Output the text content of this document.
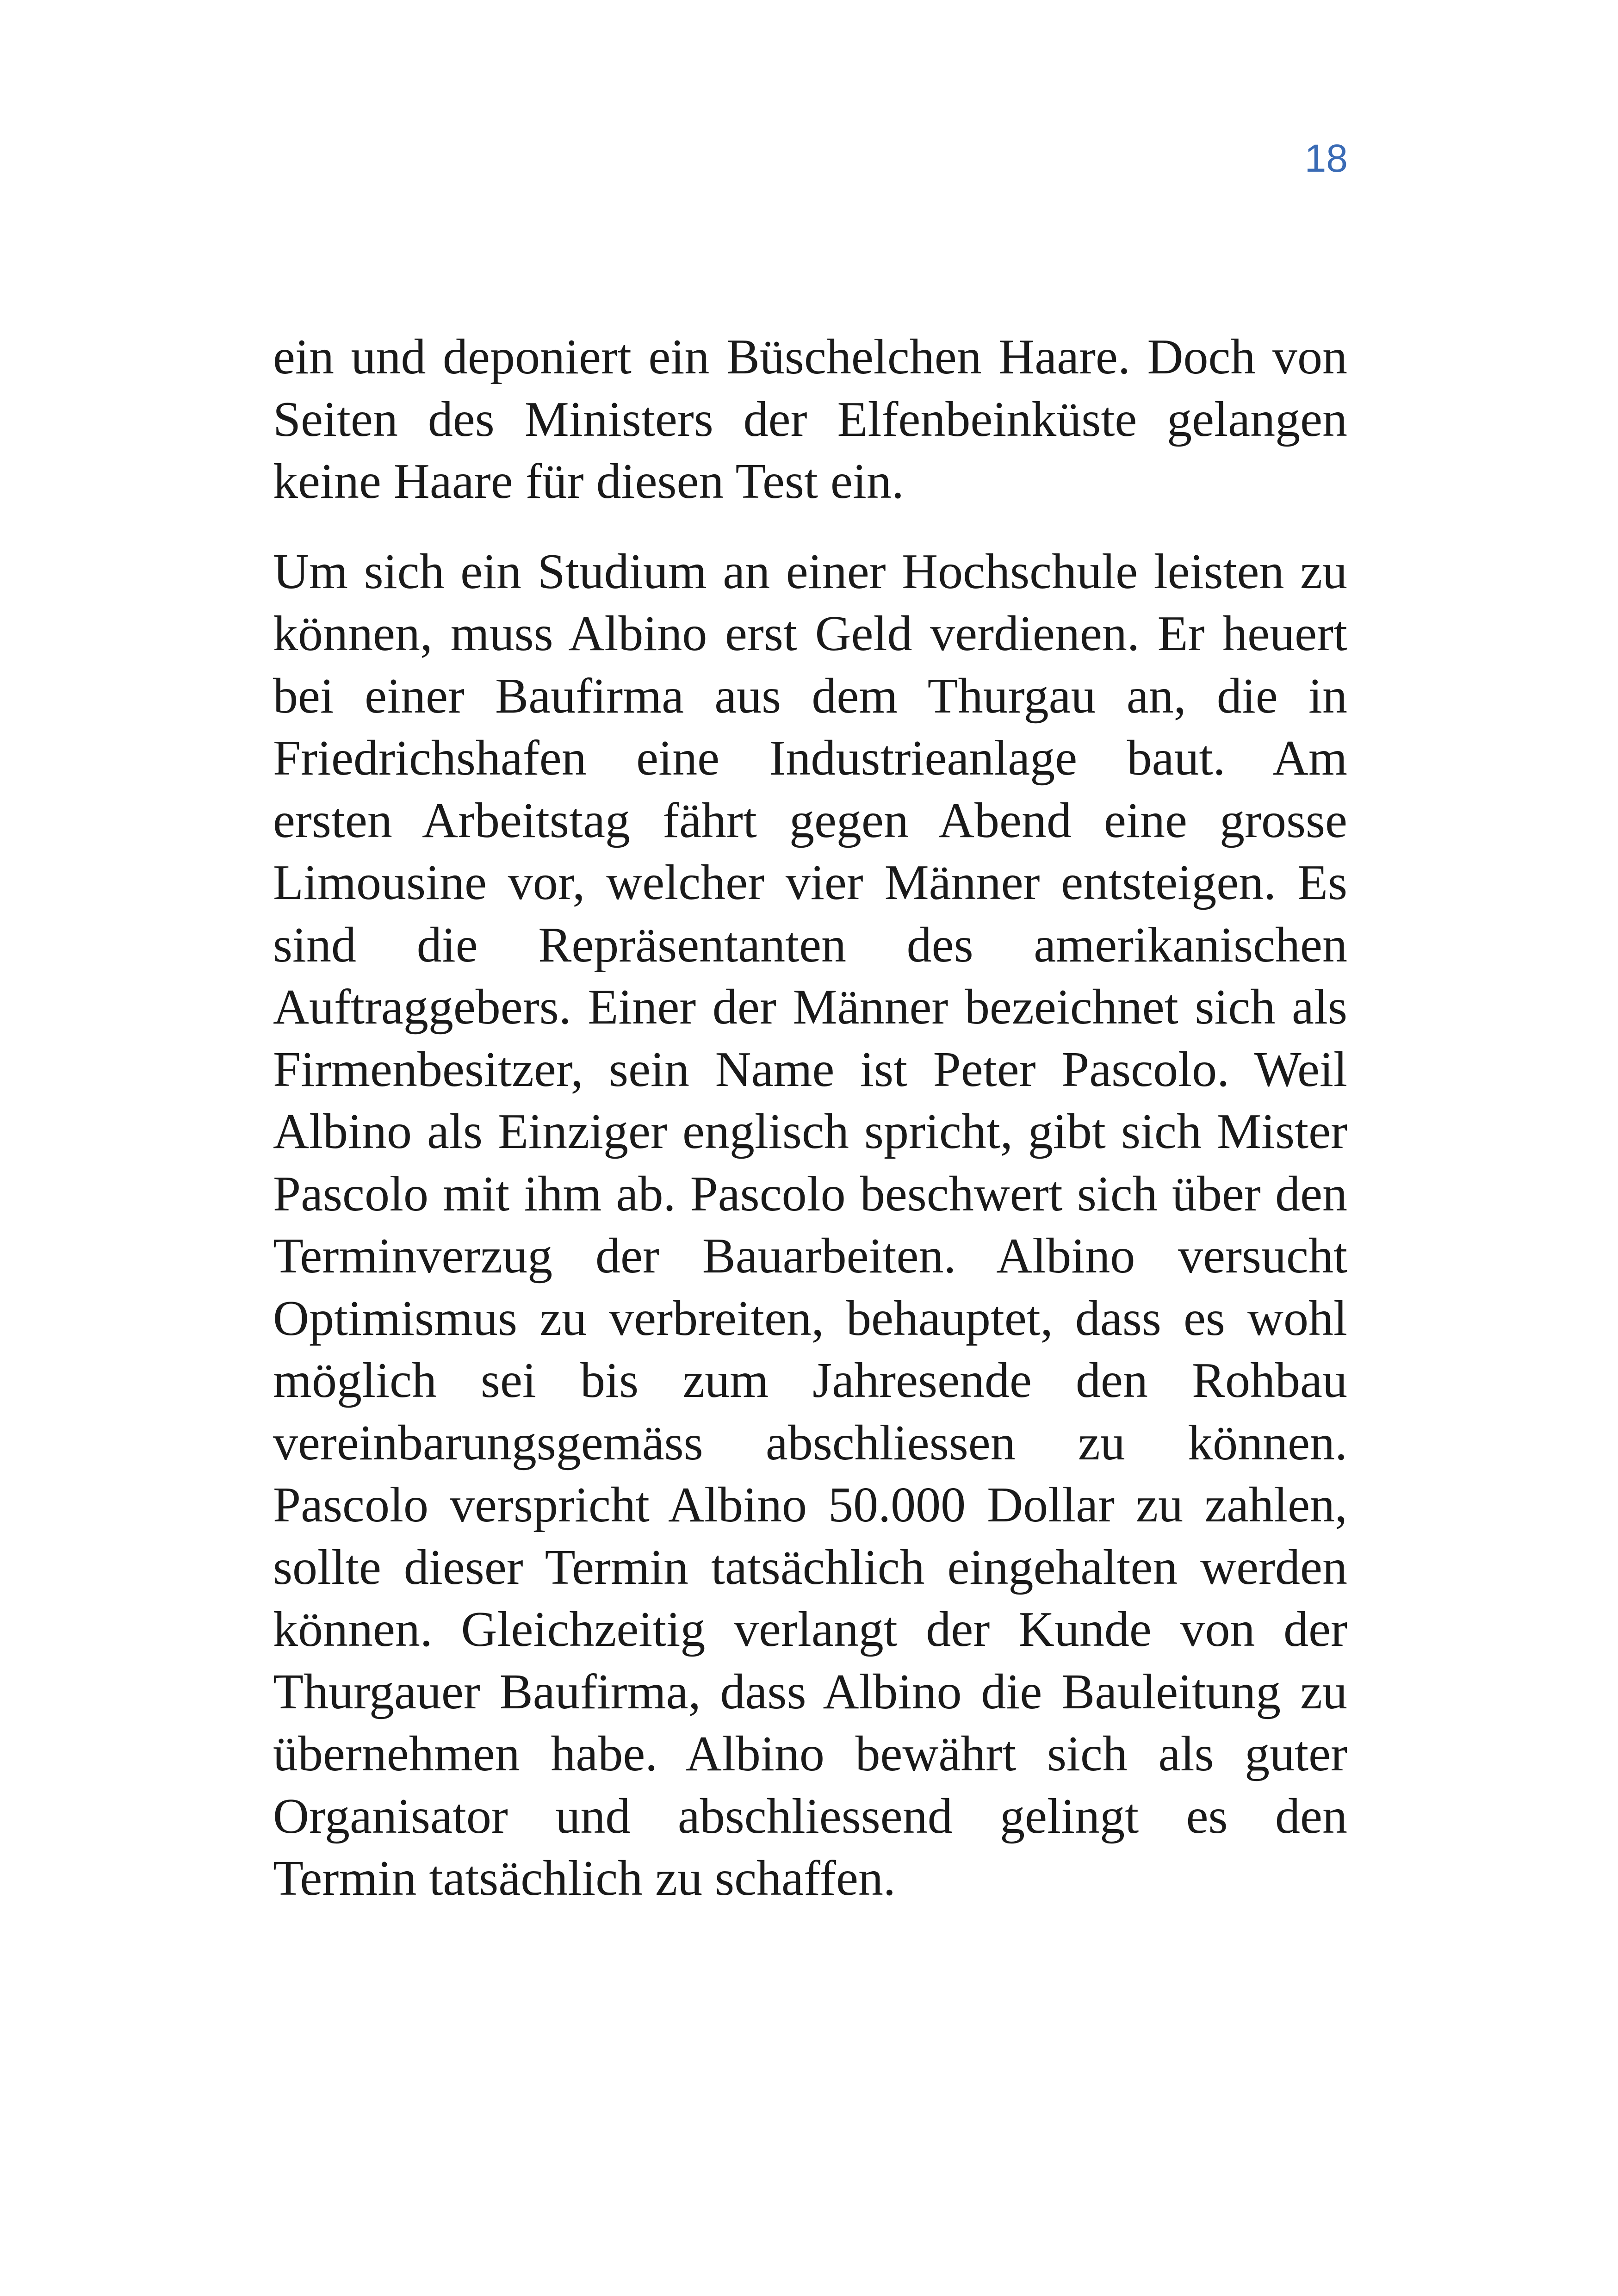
18
ein und deponiert ein Büschelchen Haare. Doch von
Seiten des Ministers der Elfenbeinküste gelangen
keine Haare für diesen Test ein.
Um sich ein Studium an einer Hochschule leisten zu
können, muss Albino erst Geld verdienen. Er heuert
bei einer Baufirma aus dem Thurgau an, die in
Friedrichshafen eine Industrieanlage baut. Am
ersten Arbeitstag fährt gegen Abend eine grosse
Limousine vor, welcher vier Männer entsteigen. Es
sind die Repräsentanten des amerikanischen
Auftraggebers. Einer der Männer bezeichnet sich als
Firmenbesitzer, sein Name ist Peter Pascolo. Weil
Albino als Einziger englisch spricht, gibt sich Mister
Pascolo mit ihm ab. Pascolo beschwert sich über den
Terminverzug der Bauarbeiten. Albino versucht
Optimismus zu verbreiten, behauptet, dass es wohl
möglich sei bis zum Jahresende den Rohbau
vereinbarungsgemäss abschliessen zu können.
Pascolo verspricht Albino 50.000 Dollar zu zahlen,
sollte dieser Termin tatsächlich eingehalten werden
können. Gleichzeitig verlangt der Kunde von der
Thurgauer Baufirma, dass Albino die Bauleitung zu
übernehmen habe. Albino bewährt sich als guter
Organisator und abschliessend gelingt es den
Termin tatsächlich zu schaffen.
